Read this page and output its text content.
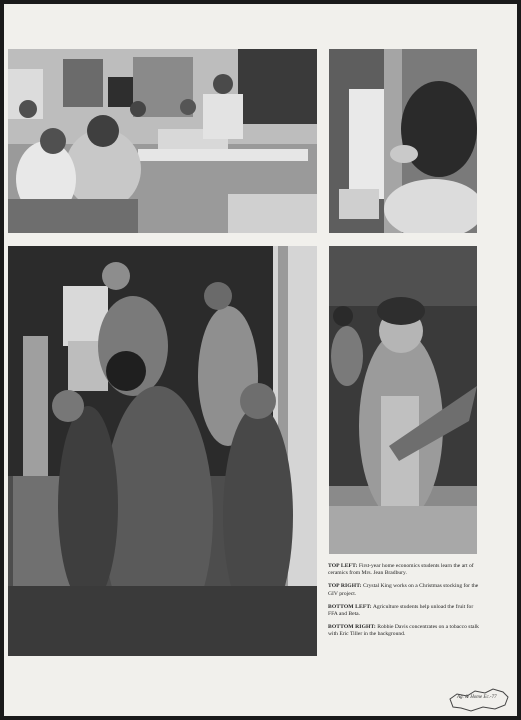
TOP LEFT: First-year home economics students learn the art of ceramics from Mrs. Jean Bradbury.

TOP RIGHT: Crystal King works on a Christmas stocking for the GIV project.

BOTTOM LEFT: Agriculture students help unload the fruit for FFA and Beta.

BOTTOM RIGHT: Robbie Davis concentrates on a tobacco stalk with Eric Tiller in the background.

Ag. & Home Ec.-77
